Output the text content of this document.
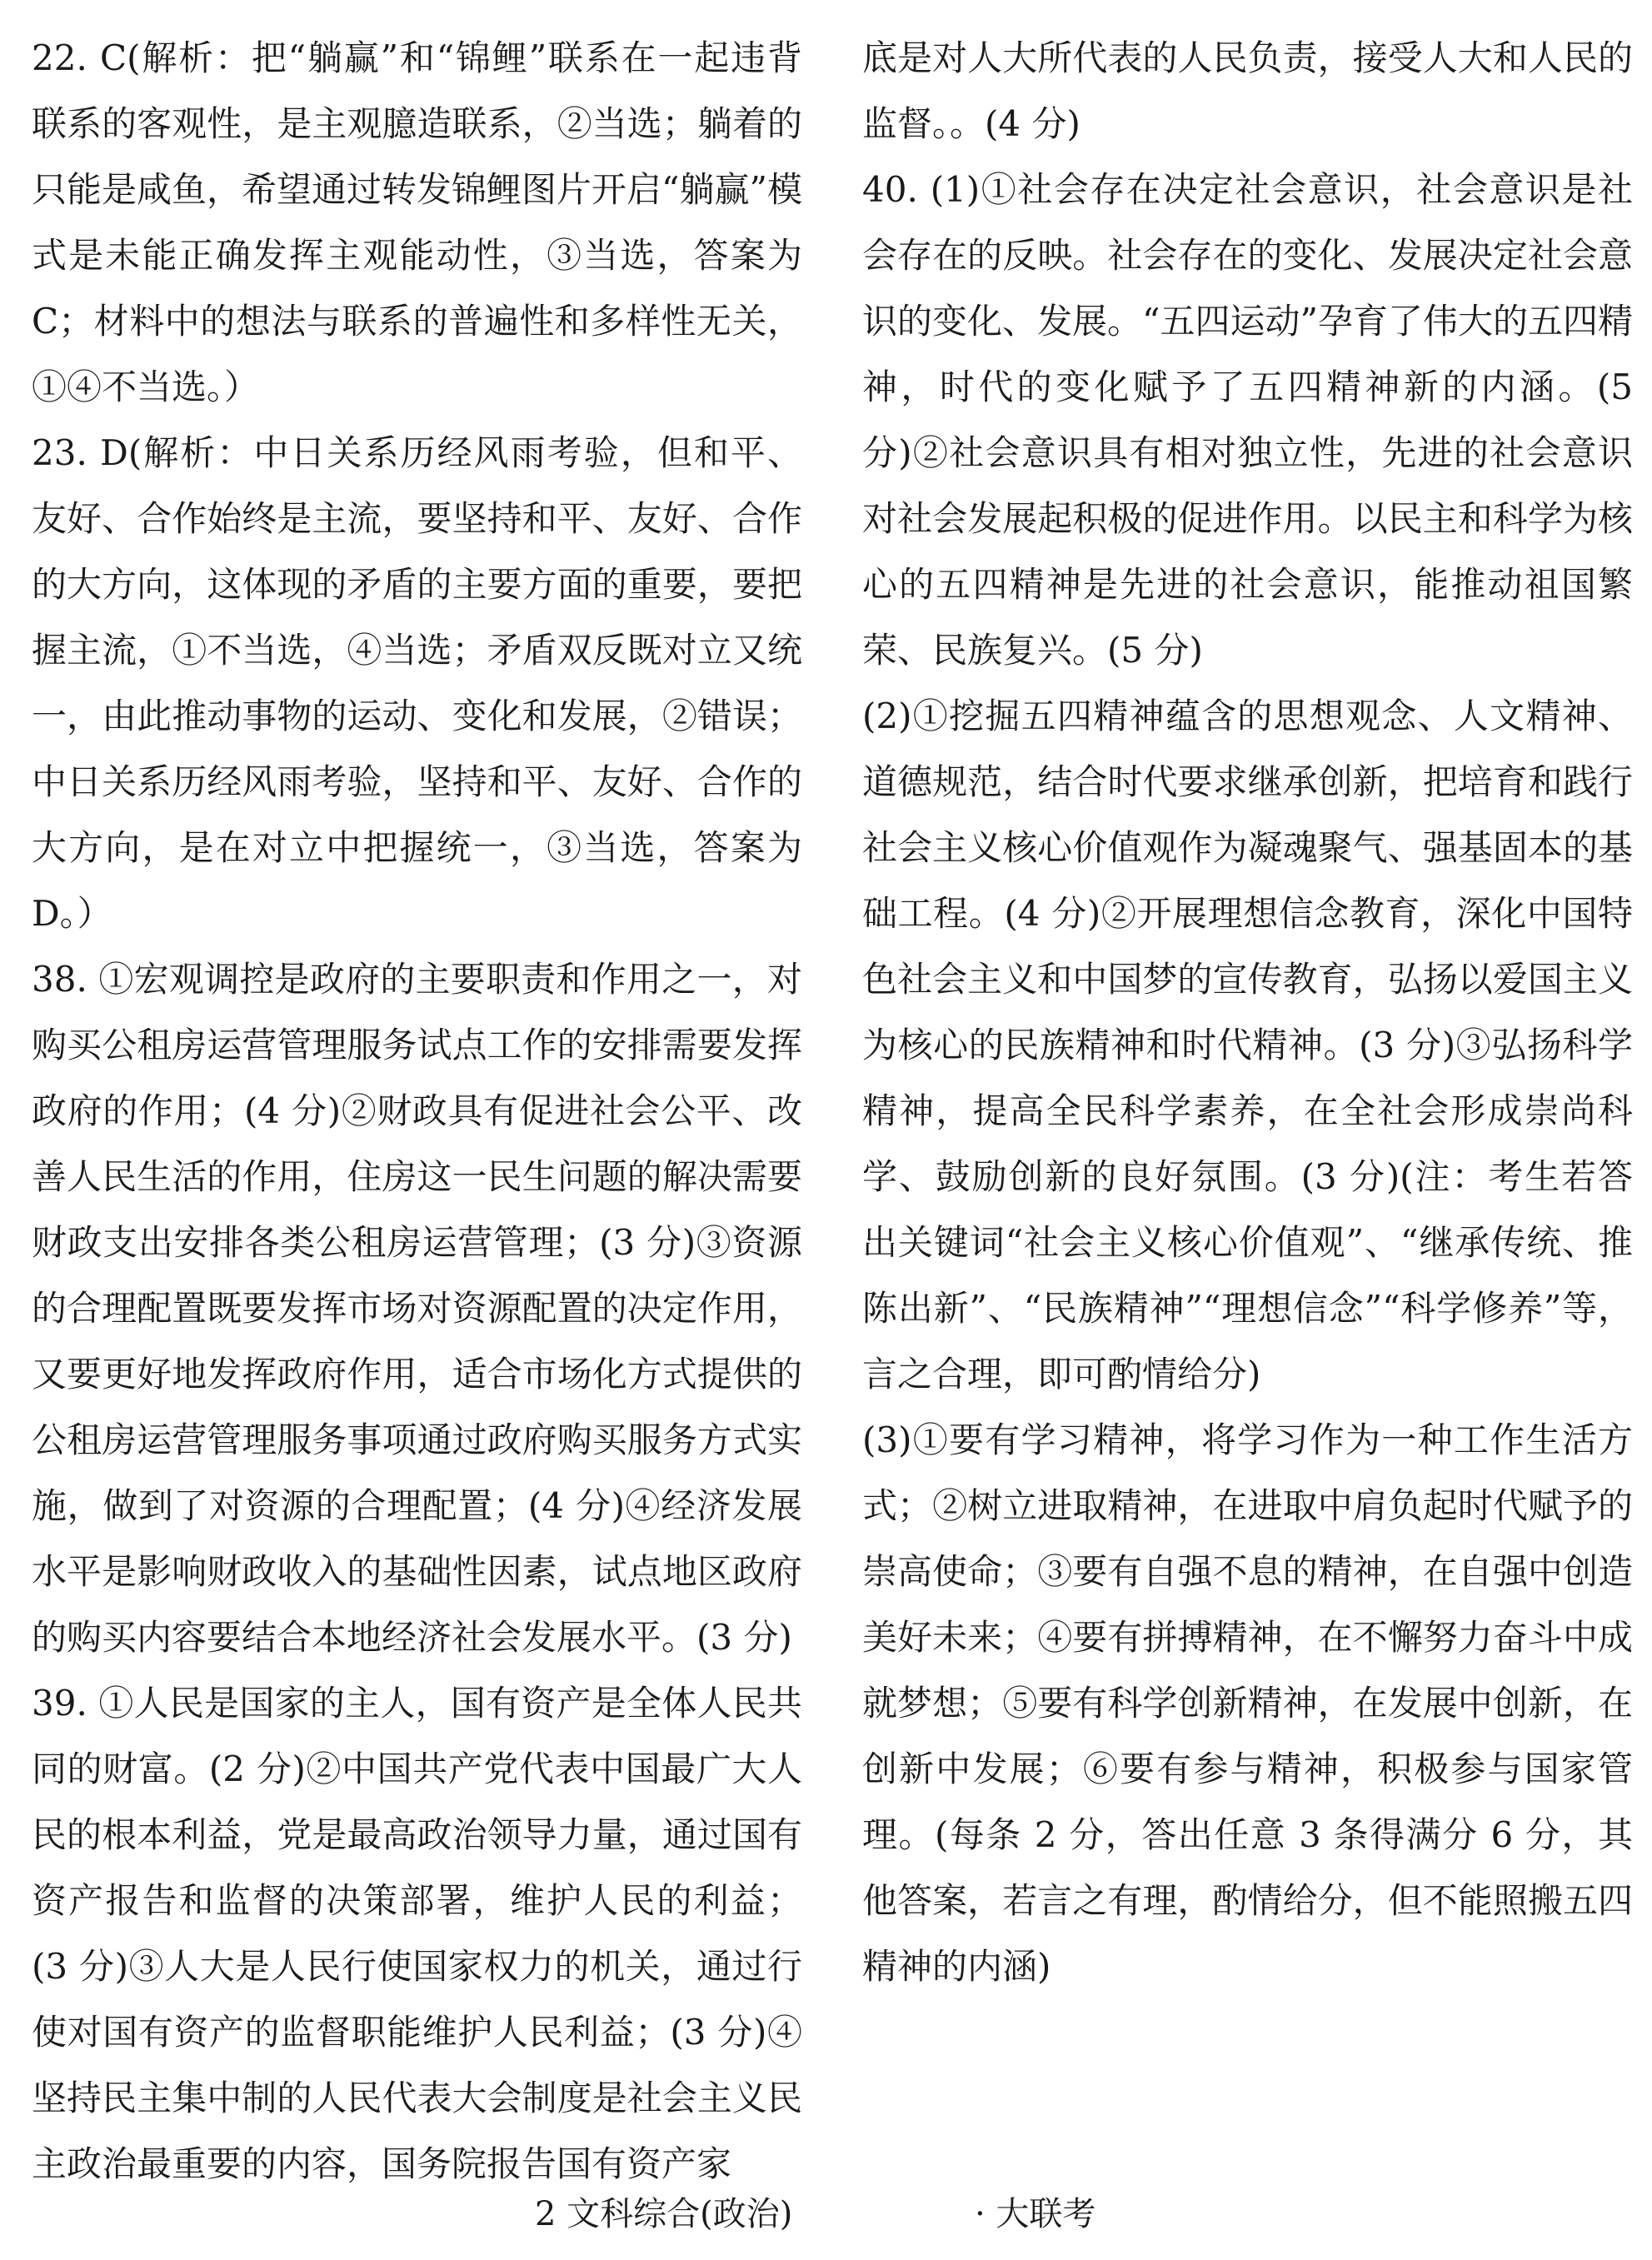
22. C(解析：把“躺赢”和“锦鲤”联系在一起违背联系的客观性，是主观臆造联系，②当选；躺着的只能是咸鱼，希望通过转发锦鲤图片开启“躺赢”模式是未能正确发挥主观能动性，③当选，答案为 C；材料中的想法与联系的普遍性和多样性无关，①④不当选。）

23. D(解析：中日关系历经风雨考验，但和平、友好、合作始终是主流，要坚持和平、友好、合作的大方向，这体现的矛盾的主要方面的重要，要把握主流，①不当选，④当选；矛盾双反既对立又统一，由此推动事物的运动、变化和发展，②错误；中日关系历经风雨考验，坚持和平、友好、合作的大方向，是在对立中把握统一，③当选，答案为 D。）

38. ①宏观调控是政府的主要职责和作用之一，对购买公租房运营管理服务试点工作的安排需要发挥政府的作用；(4 分)②财政具有促进社会公平、改善人民生活的作用，住房这一民生问题的解决需要财政支出安排各类公租房运营管理；(3 分)③资源的合理配置既要发挥市场对资源配置的决定作用，又要更好地发挥政府作用，适合市场化方式提供的公租房运营管理服务事项通过政府购买服务方式实施，做到了对资源的合理配置；(4 分)④经济发展水平是影响财政收入的基础性因素，试点地区政府的购买内容要结合本地经济社会发展水平。(3 分)

39. ①人民是国家的主人，国有资产是全体人民共同的财富。(2 分)②中国共产党代表中国最广大人民的根本利益，党是最高政治领导力量，通过国有资产报告和监督的决策部署，维护人民的利益；(3 分)③人大是人民行使国家权力的机关，通过行使对国有资产的监督职能维护人民利益；(3 分)④坚持民主集中制的人民代表大会制度是社会主义民主政治最重要的内容，国务院报告国有资产家

底是对人大所代表的人民负责，接受人大和人民的监督。。(4 分)

40. (1)①社会存在决定社会意识，社会意识是社会存在的反映。社会存在的变化、发展决定社会意识的变化、发展。“五四运动”孕育了伟大的五四精神，时代的变化赋予了五四精神新的内涵。(5 分)②社会意识具有相对独立性，先进的社会意识对社会发展起积极的促进作用。以民主和科学为核心的五四精神是先进的社会意识，能推动祖国繁荣、民族复兴。(5 分)

(2)①挖掘五四精神蕴含的思想观念、人文精神、道德规范，结合时代要求继承创新，把培育和践行社会主义核心价值观作为凝魂聚气、强基固本的基础工程。(4 分)②开展理想信念教育，深化中国特色社会主义和中国梦的宣传教育，弘扬以爱国主义为核心的民族精神和时代精神。(3 分)③弘扬科学精神，提高全民科学素养，在全社会形成崇尚科学、鼓励创新的良好氛围。(3 分)(注：考生若答出关键词“社会主义核心价值观”、“继承传统、推陈出新”、“民族精神”“理想信念”“科学修养”等，言之合理，即可酌情给分)

(3)①要有学习精神，将学习作为一种工作生活方式；②树立进取精神，在进取中肩负起时代赋予的崇高使命；③要有自强不息的精神，在自强中创造美好未来；④要有拼搏精神，在不懈努力奋斗中成就梦想；⑤要有科学创新精神，在发展中创新，在创新中发展；⑥要有参与精神，积极参与国家管理。(每条 2 分，答出任意 3 条得满分 6 分，其他答案，若言之有理，酌情给分，但不能照搬五四精神的内涵)

2 文科综合(政治)	· 大联考
